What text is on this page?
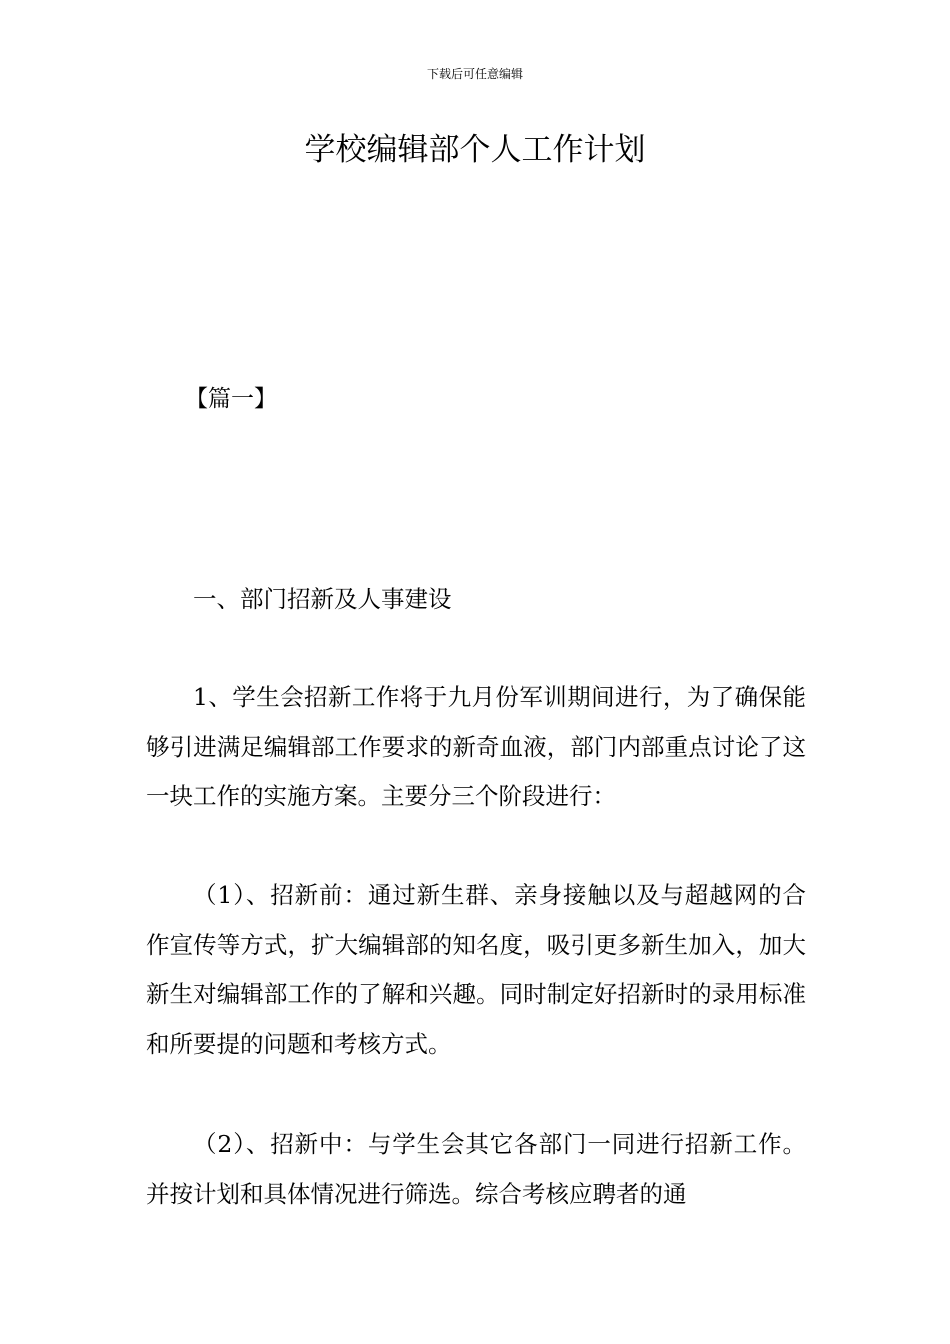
下载后可任意编辑
学校编辑部个人工作计划
【篇一】

一、部门招新及人事建设

1、学生会招新工作将于九月份军训期间进行，为了确保能够引进满足编辑部工作要求的新奇血液，部门内部重点讨论了这一块工作的实施方案。主要分三个阶段进行：

（1）、招新前：通过新生群、亲身接触以及与超越网的合作宣传等方式，扩大编辑部的知名度，吸引更多新生加入，加大新生对编辑部工作的了解和兴趣。同时制定好招新时的录用标准和所要提的问题和考核方式。

（2）、招新中：与学生会其它各部门一同进行招新工作。并按计划和具体情况进行筛选。综合考核应聘者的通
